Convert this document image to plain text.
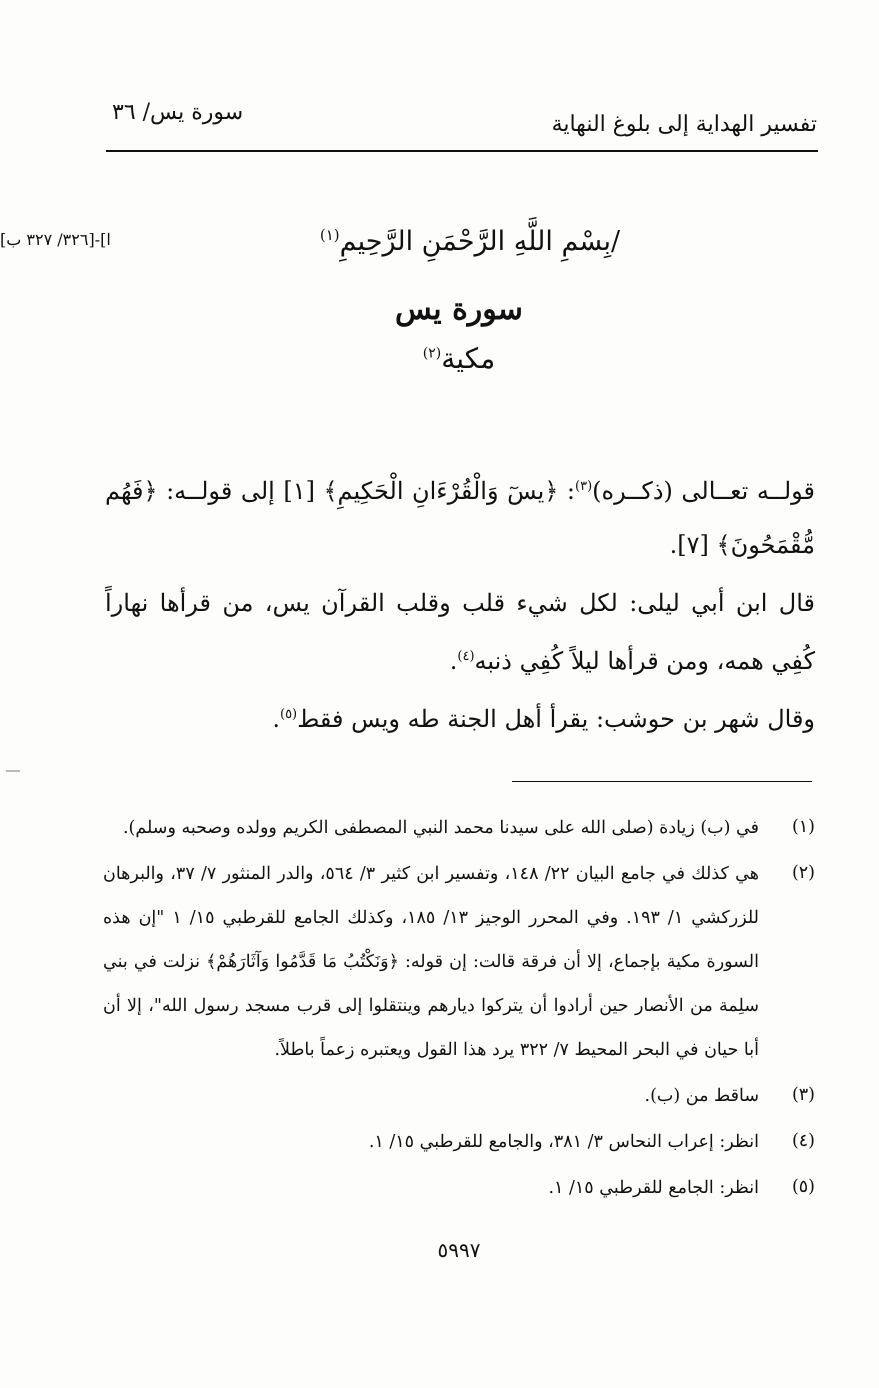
تفسير الهداية إلى بلوغ النهاية
سورة يس/ ٣٦
[٣٢٦/ ٣٢٧ ب]-[ا	/بِسْمِ اللَّهِ الرَّحْمَنِ الرَّحِيمِ$^{(١)}$
سورة يس
مكية$^{(٢)}$
قولــه تعــالى (ذكــره)$^{(٣)}$: ﴿يسٓ وَالْقُرْءَانِ الْحَكِيمِ﴾ [١] إلى قولــه: ﴿فَهُم مُّقْمَحُونَ﴾ [٧].
قال ابن أبي ليلى: لكل شيء قلب وقلب القرآن يس، من قرأها نهاراً كُفِي همه، ومن قرأها ليلاً كُفِي ذنبه$^{(٤)}$.
وقال شهر بن حوشب: يقرأ أهل الجنة طه ويس فقط$^{(٥)}$.
(١)
في (ب) زيادة (صلى الله على سيدنا محمد النبي المصطفى الكريم وولده وصحبه وسلم).
(٢)
هي كذلك في جامع البيان ٢٢/ ١٤٨، وتفسير ابن كثير ٣/ ٥٦٤، والدر المنثور ٧/ ٣٧، والبرهان للزركشي ١/ ١٩٣. وفي المحرر الوجيز ١٣/ ١٨٥، وكذلك الجامع للقرطبي ١٥/ ١ "إن هذه السورة مكية بإجماع، إلا أن فرقة قالت: إن قوله: ﴿وَنَكْتُبُ مَا قَدَّمُوا وَآثَارَهُمْ﴾ نزلت في بني سلِمة من الأنصار حين أرادوا أن يتركوا ديارهم وينتقلوا إلى قرب مسجد رسول الله"، إلا أن أبا حيان في البحر المحيط ٧/ ٣٢٢ يرد هذا القول ويعتبره زعماً باطلاً.
(٣)
ساقط من (ب).
(٤)
انظر: إعراب النحاس ٣/ ٣٨١، والجامع للقرطبي ١٥/ ١.
(٥)
انظر: الجامع للقرطبي ١٥/ ١.
٥٩٩٧
